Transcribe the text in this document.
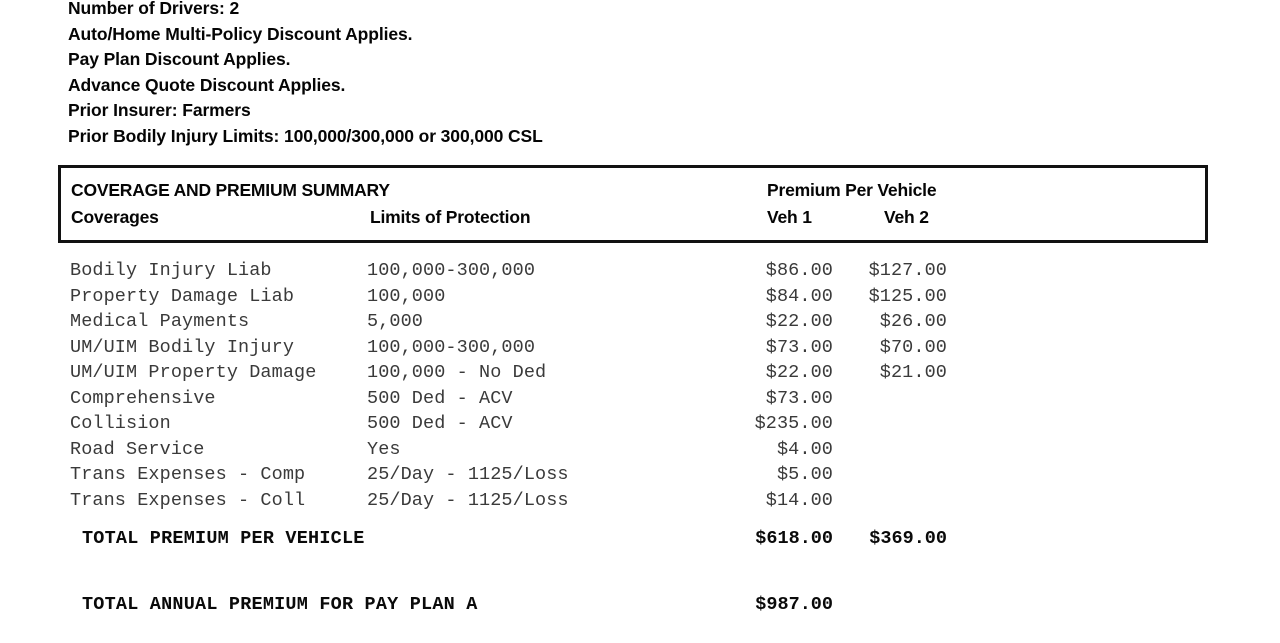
Number of Drivers: 2
Auto/Home Multi-Policy Discount Applies.
Pay Plan Discount Applies.
Advance Quote Discount Applies.
Prior Insurer: Farmers
Prior Bodily Injury Limits: 100,000/300,000 or 300,000 CSL
COVERAGE AND PREMIUM SUMMARY	Premium Per Vehicle
Coverages	Limits of Protection	Veh 1	Veh 2
Bodily Injury Liab	100,000-300,000	$86.00 $127.00
Property Damage Liab	100,000	$84.00 $125.00
Medical Payments	5,000	$22.00	$26.00
UM/UIM Bodily Injury	100,000-300,000	$73.00	$70.00
UM/UIM Property Damage	100,000 - No Ded	$22.00	$21.00
Comprehensive	500 Ded - ACV	$73.00
Collision	500 Ded - ACV	$235.00
Road Service	Yes	$4.00
Trans Expenses - Comp	25/Day - 1125/Loss	$5.00
Trans Expenses - Coll	25/Day - 1125/Loss	$14.00
TOTAL PREMIUM PER VEHICLE	$618.00 $369.00
TOTAL ANNUAL PREMIUM FOR PAY PLAN A	$987.00
